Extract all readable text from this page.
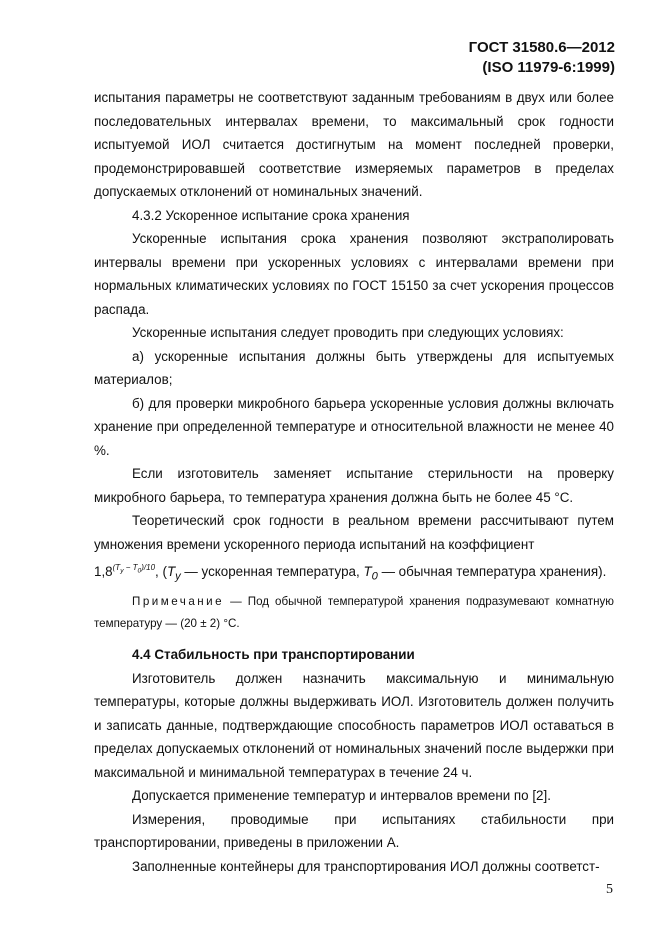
ГОСТ 31580.6—2012
(ISO 11979-6:1999)

испытания параметры не соответствуют заданным требованиям в двух или более последовательных интервалах времени, то максимальный срок годности испытуемой ИОЛ считается достигнутым на момент последней проверки, продемонстрировавшей соответствие измеряемых параметров в пределах допускаемых отклонений от номинальных значений.

4.3.2 Ускоренное испытание срока хранения

Ускоренные испытания срока хранения позволяют экстраполировать интервалы времени при ускоренных условиях с интервалами времени при нормальных климатических условиях по ГОСТ 15150 за счет ускорения процессов распада.

Ускоренные испытания следует проводить при следующих условиях:

а) ускоренные испытания должны быть утверждены для испытуемых материалов;

б) для проверки микробного барьера ускоренные условия должны включать хранение при определенной температуре и относительной влажности не менее 40 %.

Если изготовитель заменяет испытание стерильности на проверку микробного барьера, то температура хранения должна быть не более 45 °С.

Теоретический срок годности в реальном времени рассчитывают путем умножения времени ускоренного периода испытаний на коэффициент

$1,8^{(T_у - T_0)/10}$, ($T_у$ — ускоренная температура, $T_0$ — обычная температура хранения).

Примечание — Под обычной температурой хранения подразумевают комнатную температуру — (20 ± 2) °С.

4.4 Стабильность при транспортировании

Изготовитель должен назначить максимальную и минимальную температуры, которые должны выдерживать ИОЛ. Изготовитель должен получить и записать данные, подтверждающие способность параметров ИОЛ оставаться в пределах допускаемых отклонений от номинальных значений после выдержки при максимальной и минимальной температурах в течение 24 ч.

Допускается применение температур и интервалов времени по [2].

Измерения, проводимые при испытаниях стабильности при транспортировании, приведены в приложении А.

Заполненные контейнеры для транспортирования ИОЛ должны соответст-

5
